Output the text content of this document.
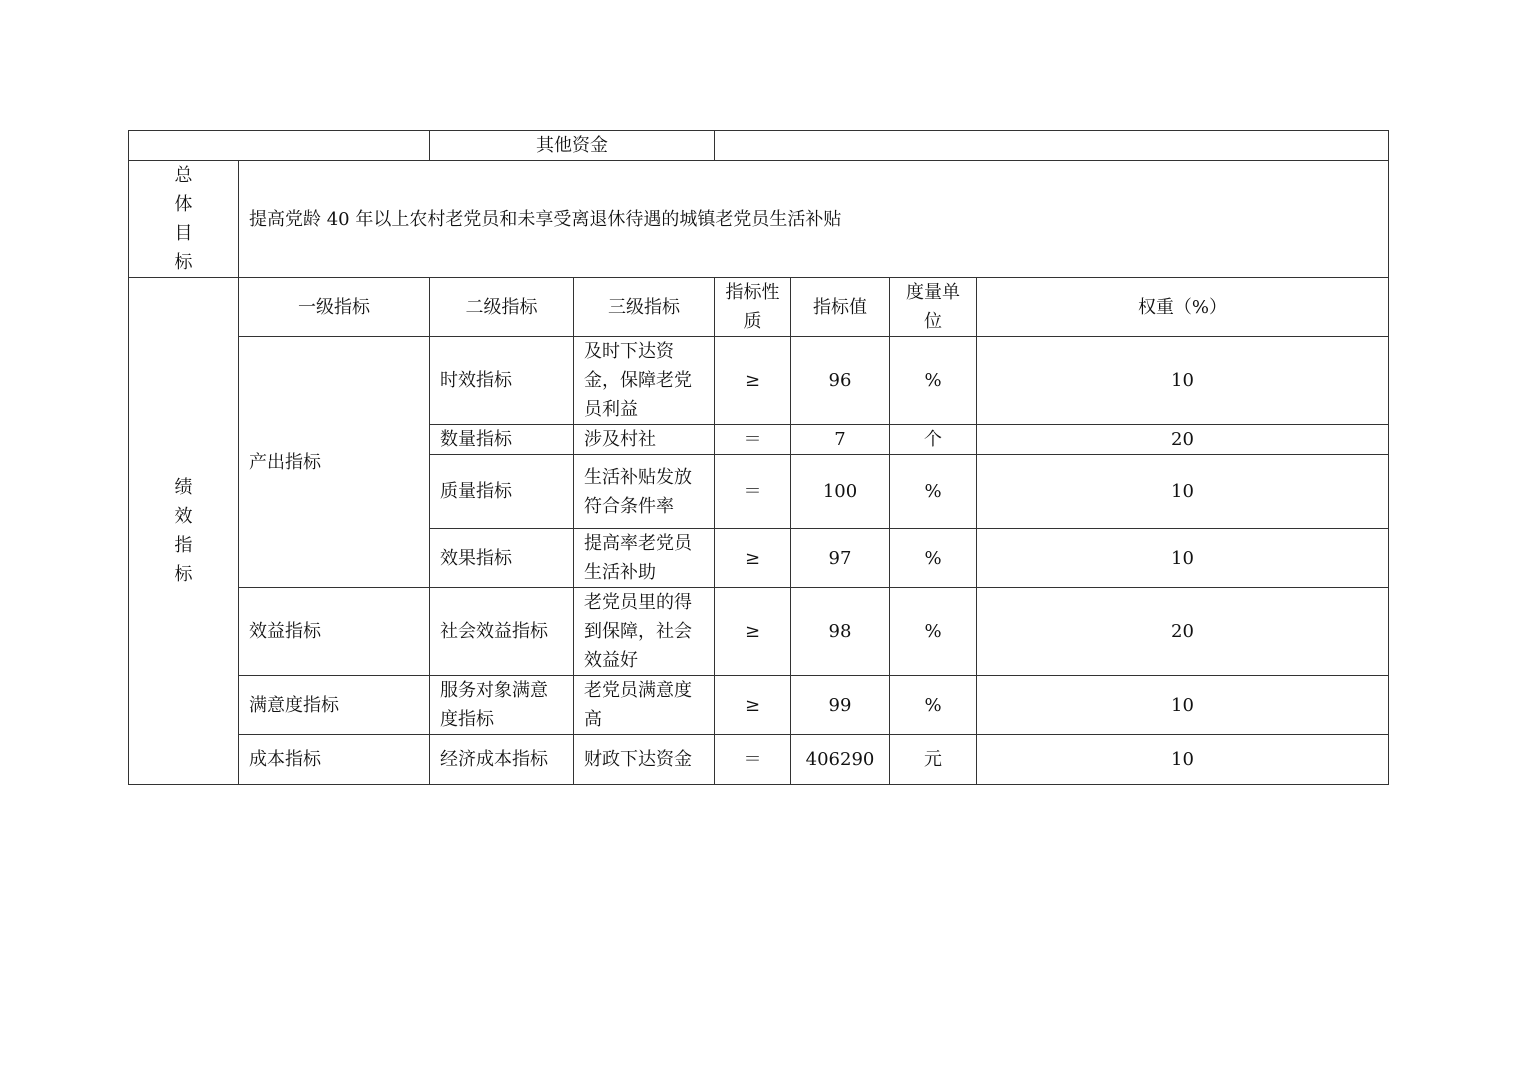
		其他资金					

总
体
目
标	提高党龄 40 年以上农村老党员和未享受离退休待遇的城镇老党员生活补贴						

绩
效
指
标	一级指标	二级指标	三级指标	指标性质	指标值	度量单位	权重（%）
	产出指标	时效指标	及时下达资金，保障老党员利益	≥	96	%	10
		数量指标	涉及村社	＝	7	个	20
		质量指标	生活补贴发放符合条件率	＝	100	%	10
		效果指标	提高率老党员生活补助	≥	97	%	10
	效益指标	社会效益指标	老党员里的得到保障，社会效益好	≥	98	%	20
	满意度指标	服务对象满意度指标	老党员满意度高	≥	99	%	10
	成本指标	经济成本指标	财政下达资金	＝	406290	元	10
